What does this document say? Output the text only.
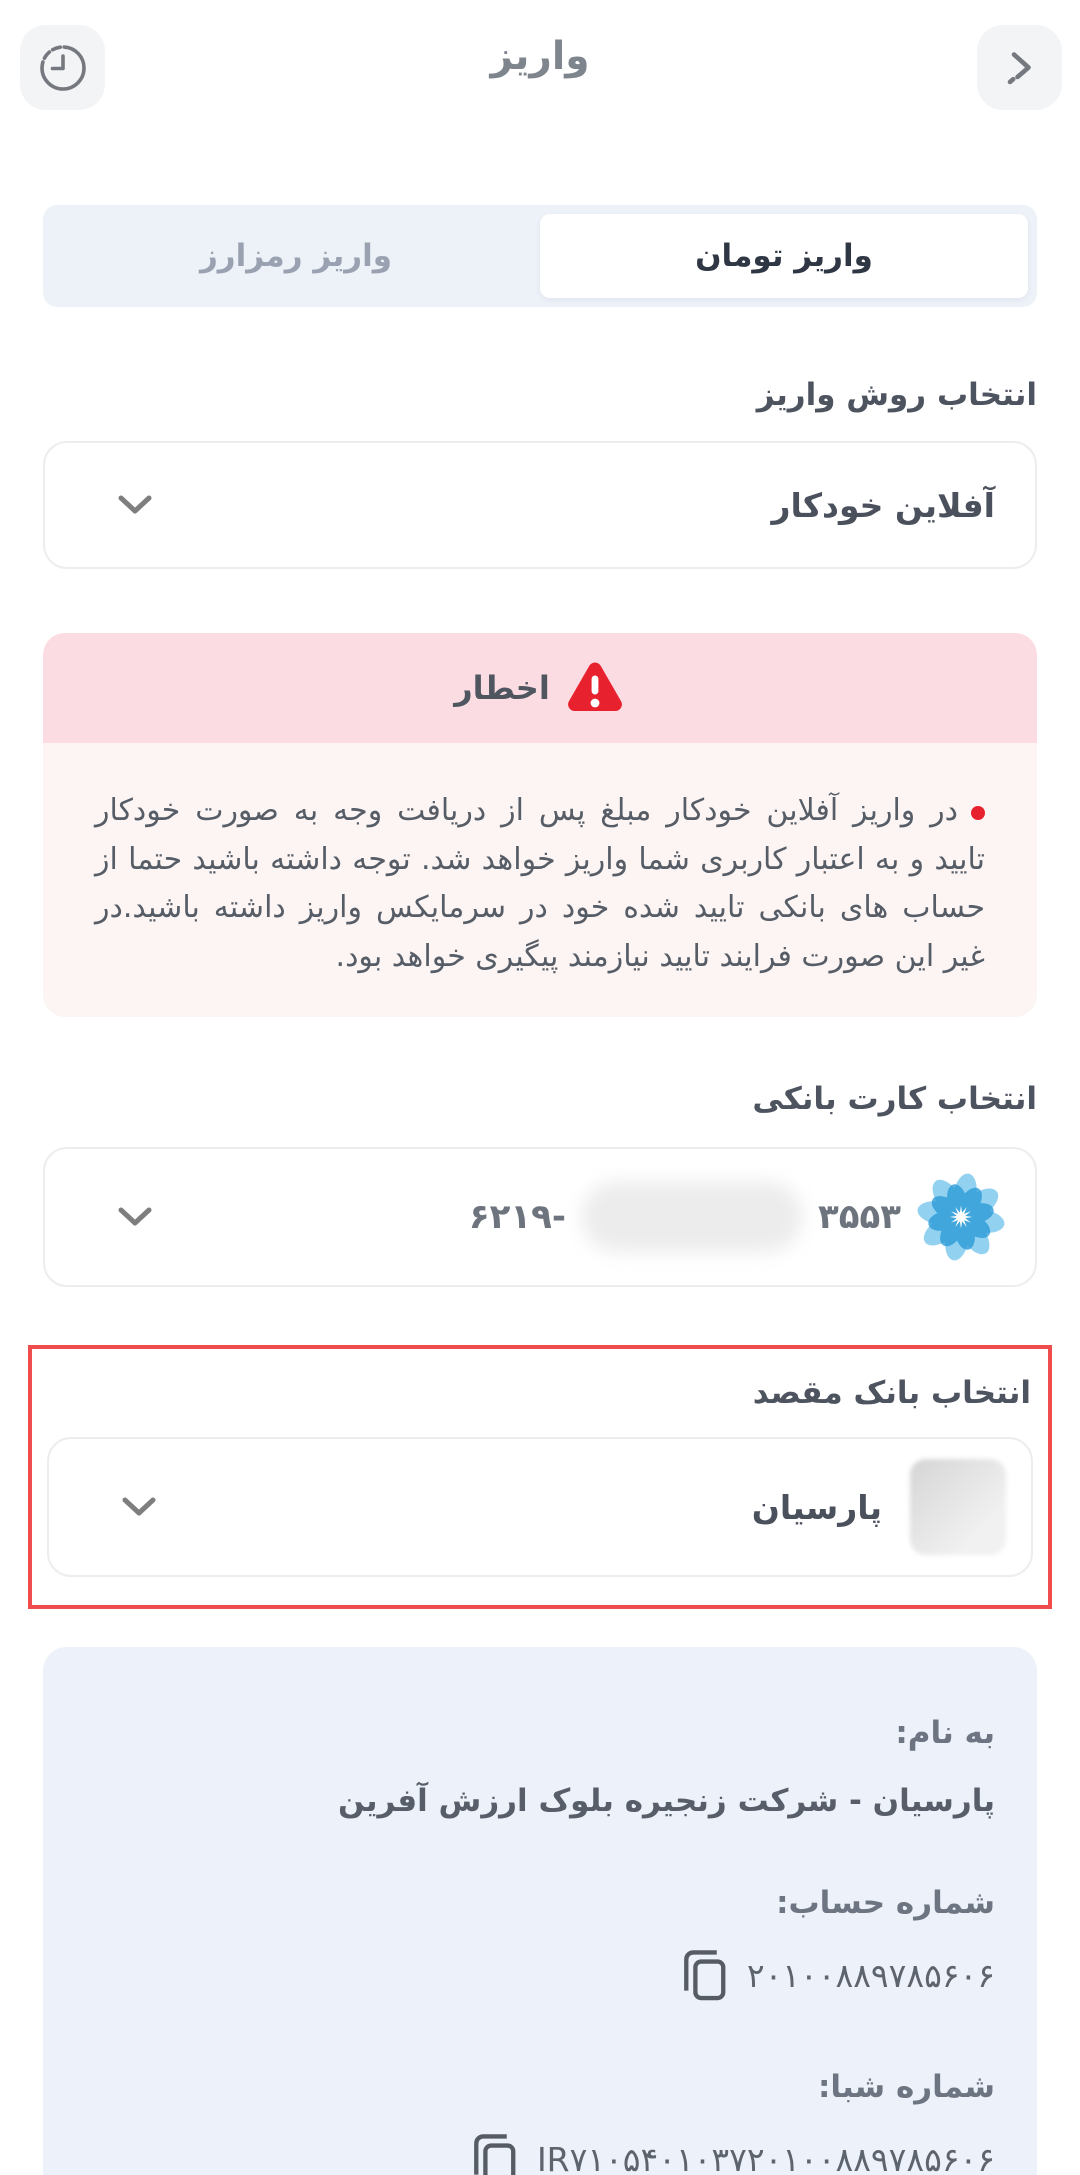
واریز
واریز تومان
واریز رمزارز
انتخاب روش واریز
آفلاین خودکار
اخطار

در واریز آفلاین خودکار مبلغ پس از دریافت وجه به صورت خودکار تایید و به اعتبار کاربری شما واریز خواهد شد. توجه داشته باشید حتما از حساب های بانکی تایید شده خود در سرمایکس واریز داشته باشید.در غیر این صورت فرایند تایید نیازمند پیگیری خواهد بود.

انتخاب کارت بانکی
۶۲۱۹-	۳۵۵۳
انتخاب بانک مقصد
پارسیان
به نام:
پارسیان - شرکت زنجیره بلوک ارزش آفرین
شماره حساب:
۲۰۱۰۰۸۸۹۷۸۵۶۰۶
شماره شبا:
IR۷۱۰۵۴۰۱۰۳۷۲۰۱۰۰۸۸۹۷۸۵۶۰۶
